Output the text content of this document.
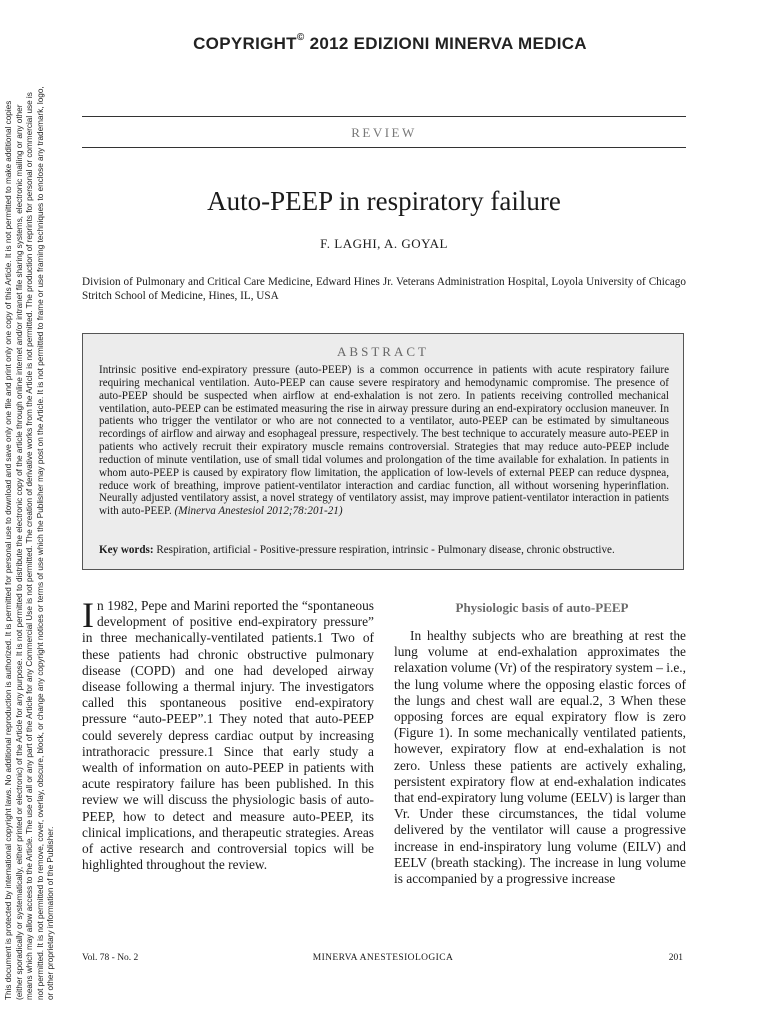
This document is protected by international copyright laws. No additional reproduction is authorized. It is permitted for personal use to download and save only one file and print only one copy of this Article. It is not permitted to make additional copies (either sporadically or systematically, either printed or electronic) of the Article for any purpose. It is not permitted to distribute the electronic copy of the article through online internet and/or intranet file sharing systems, electronic mailing or any other means which may allow access to the Article. The use of all or any part of the Article for any Commercial Use is not permitted. The creation of derivative works from the Article is not permitted. The production of reprints for personal or commercial use is not permitted. It is not permitted to remove, cover, overlay, obscure, block, or change any copyright notices or terms of use which the Publisher may post on the Article. It is not permitted to frame or use framing techniques to enclose any trademark, logo, or other proprietary information of the Publisher.
COPYRIGHT© 2012 EDIZIONI MINERVA MEDICA
REVIEW
Auto-PEEP in respiratory failure
F. LAGHI, A. GOYAL
Division of Pulmonary and Critical Care Medicine, Edward Hines Jr. Veterans Administration Hospital, Loyola University of Chicago Stritch School of Medicine, Hines, IL, USA
ABSTRACT
Intrinsic positive end-expiratory pressure (auto-PEEP) is a common occurrence in patients with acute respiratory failure requiring mechanical ventilation. Auto-PEEP can cause severe respiratory and hemodynamic compromise. The presence of auto-PEEP should be suspected when airflow at end-exhalation is not zero. In patients receiving controlled mechanical ventilation, auto-PEEP can be estimated measuring the rise in airway pressure during an end-expiratory occlusion maneuver. In patients who trigger the ventilator or who are not connected to a ventilator, auto-PEEP can be estimated by simultaneous recordings of airflow and airway and esophageal pressure, respectively. The best technique to accurately measure auto-PEEP in patients who actively recruit their expiratory muscle remains controversial. Strategies that may reduce auto-PEEP include reduction of minute ventilation, use of small tidal volumes and prolongation of the time available for exhalation. In patients in whom auto-PEEP is caused by expiratory flow limitation, the application of low-levels of external PEEP can reduce dyspnea, reduce work of breathing, improve patient-ventilator interaction and cardiac function, all without worsening hyperinflation. Neurally adjusted ventilatory assist, a novel strategy of ventilatory assist, may improve patient-ventilator interaction in patients with auto-PEEP. (Minerva Anestesiol 2012;78:201-21)
Key words: Respiration, artificial - Positive-pressure respiration, intrinsic - Pulmonary disease, chronic obstructive.
In 1982, Pepe and Marini reported the “spontaneous development of positive end-expiratory pressure” in three mechanically-ventilated patients.1 Two of these patients had chronic obstructive pulmonary disease (COPD) and one had developed airway disease following a thermal injury. The investigators called this spontaneous positive end-expiratory pressure “auto-PEEP”.1 They noted that auto-PEEP could severely depress cardiac output by increasing intrathoracic pressure.1 Since that early study a wealth of information on auto-PEEP in patients with acute respiratory failure has been published. In this review we will discuss the physiologic basis of auto-PEEP, how to detect and measure auto-PEEP, its clinical implications, and therapeutic strategies. Areas of active research and controversial topics will be highlighted throughout the review.
Physiologic basis of auto-PEEP
In healthy subjects who are breathing at rest the lung volume at end-exhalation approximates the relaxation volume (Vr) of the respiratory system – i.e., the lung volume where the opposing elastic forces of the lungs and chest wall are equal.2, 3 When these opposing forces are equal expiratory flow is zero (Figure 1). In some mechanically ventilated patients, however, expiratory flow at end-exhalation is not zero. Unless these patients are actively exhaling, persistent expiratory flow at end-exhalation indicates that end-expiratory lung volume (EELV) is larger than Vr. Under these circumstances, the tidal volume delivered by the ventilator will cause a progressive increase in end-inspiratory lung volume (EILV) and EELV (breath stacking). The increase in lung volume is accompanied by a progressive increase
Vol. 78 - No. 2	MINERVA ANESTESIOLOGICA	201
